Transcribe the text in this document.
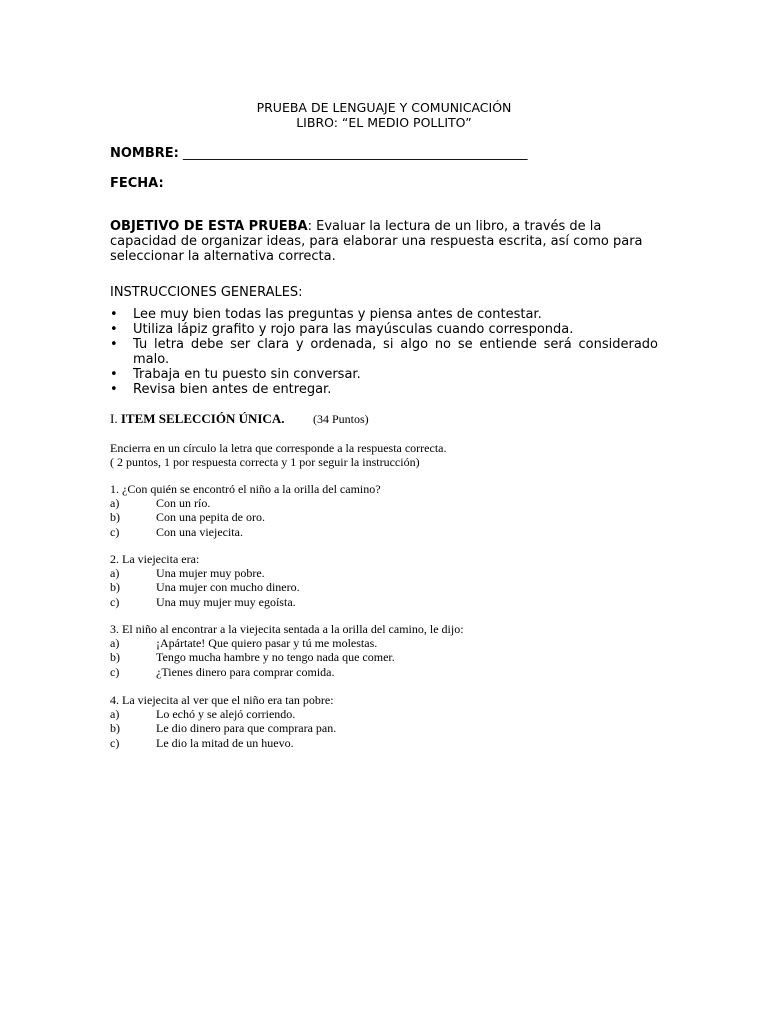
PRUEBA DE LENGUAJE Y COMUNICACIÓN
LIBRO: “EL MEDIO POLLITO”
NOMBRE: _____________________________________________________
FECHA:
OBJETIVO DE ESTA PRUEBA: Evaluar la lectura de un libro, a través de la capacidad de organizar ideas, para elaborar una respuesta escrita, así como para seleccionar la alternativa correcta.
INSTRUCCIONES GENERALES:
• Lee muy bien todas las preguntas y piensa antes de contestar.
• Utiliza lápiz grafito y rojo para las mayúsculas cuando corresponda.
• Tu letra debe ser clara y ordenada, si algo no se entiende será considerado malo.
• Trabaja en tu puesto sin conversar.
• Revisa bien antes de entregar.
I. ITEM SELECCIÓN ÚNICA. (34 Puntos)
Encierra en un círculo la letra que corresponde a la respuesta correcta.
( 2 puntos, 1 por respuesta correcta y 1 por seguir la instrucción)
1. ¿Con quién se encontró el niño a la orilla del camino?
a)	Con un río.
b)	Con una pepita de oro.
c)	Con una viejecita.
2. La viejecita era:
a)	Una mujer muy pobre.
b)	Una mujer con mucho dinero.
c)	Una muy mujer muy egoísta.
3. El niño al encontrar a la viejecita sentada a la orilla del camino, le dijo:
a)	¡Apártate! Que quiero pasar y tú me molestas.
b)	Tengo mucha hambre y no tengo nada que comer.
c)	¿Tienes dinero para comprar comida.
4. La viejecita al ver que el niño era tan pobre:
a)	Lo echó y se alejó corriendo.
b)	Le dio dinero para que comprara pan.
c)	Le dio la mitad de un huevo.
